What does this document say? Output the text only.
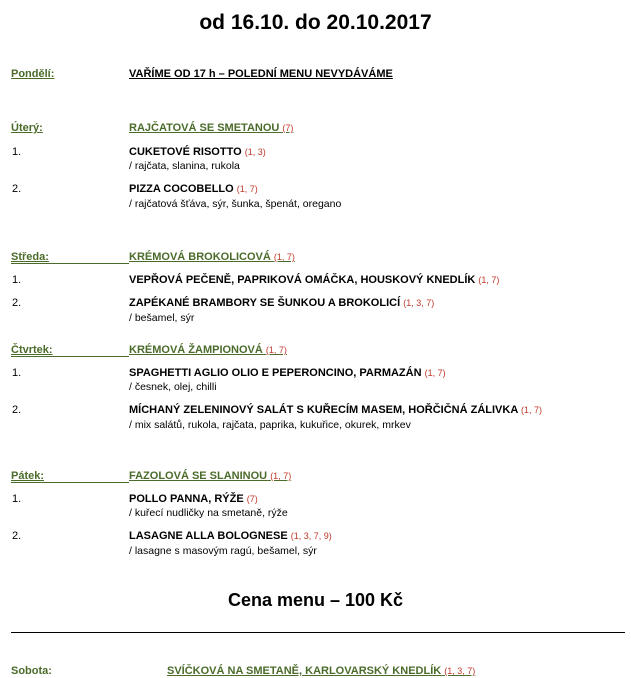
od 16.10. do 20.10.2017
Pondělí:	VAŘÍME OD 17 h – POLEDNÍ MENU NEVYDÁVÁME
Úterý:	RAJČATOVÁ SE SMETANOU (7)
1.	CUKETOVÉ RISOTTO (1, 3)
/ rajčata, slanina, rukola
2.	PIZZA COCOBELLO (1, 7)
/ rajčatová šťáva, sýr, šunka, špenát, oregano
Středa:	KRÉMOVÁ BROKOLICOVÁ (1, 7)
1.	VEPŘOVÁ PEČENĚ, PAPRIKOVÁ OMÁČKA, HOUSKOVÝ KNEDLÍK (1, 7)
2.	ZAPÉKANÉ BRAMBORY SE ŠUNKOU A BROKOLICÍ (1, 3, 7)
/ bešamel, sýr
Čtvrtek:	KRÉMOVÁ ŽAMPIONOVÁ (1, 7)
1.	SPAGHETTI AGLIO OLIO E PEPERONCINO, PARMAZÁN (1, 7)
/ česnek, olej, chilli
2.	MÍCHANÝ ZELENINOVÝ SALÁT S KUŘECÍM MASEM, HOŘČIČNÁ ZÁLIVKA (1, 7)
/ mix salátů, rukola, rajčata, paprika, kukuřice, okurek, mrkev
Pátek:	FAZOLOVÁ SE SLANINOU (1, 7)
1.	POLLO PANNA, RÝŽE (7)
/ kuřecí nudličky na smetaně, rýže
2.	LASAGNE ALLA BOLOGNESE (1, 3, 7, 9)
/ lasagne s masovým ragú, bešamel, sýr
Cena menu – 100 Kč
Sobota:	SVÍČKOVÁ NA SMETANĚ, KARLOVARSKÝ KNEDLÍK (1, 3, 7)
